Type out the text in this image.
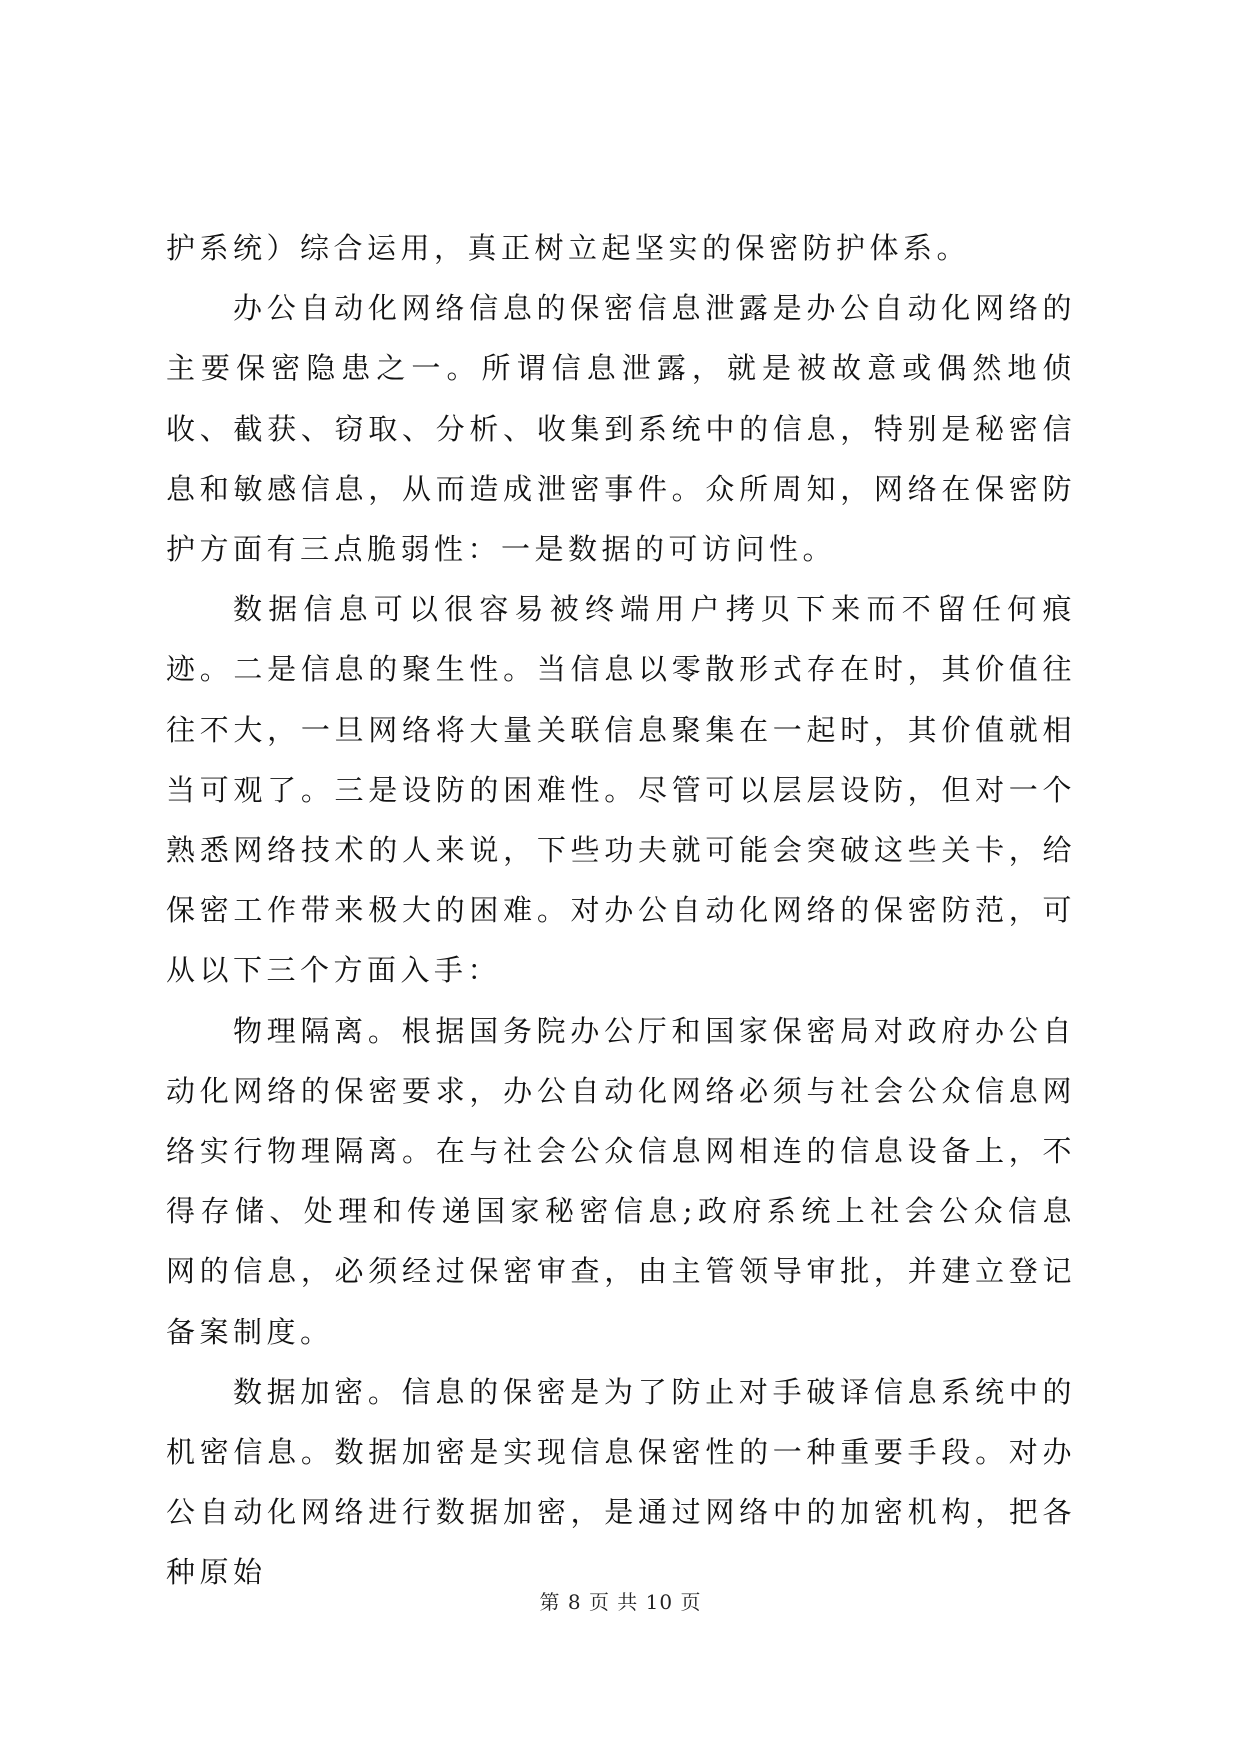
护系统）综合运用，真正树立起坚实的保密防护体系。

办公自动化网络信息的保密信息泄露是办公自动化网络的主要保密隐患之一。所谓信息泄露，就是被故意或偶然地侦收、截获、窃取、分析、收集到系统中的信息，特别是秘密信息和敏感信息，从而造成泄密事件。众所周知，网络在保密防护方面有三点脆弱性：一是数据的可访问性。

数据信息可以很容易被终端用户拷贝下来而不留任何痕迹。二是信息的聚生性。当信息以零散形式存在时，其价值往往不大，一旦网络将大量关联信息聚集在一起时，其价值就相当可观了。三是设防的困难性。尽管可以层层设防，但对一个熟悉网络技术的人来说，下些功夫就可能会突破这些关卡，给保密工作带来极大的困难。对办公自动化网络的保密防范，可从以下三个方面入手：

物理隔离。根据国务院办公厅和国家保密局对政府办公自动化网络的保密要求，办公自动化网络必须与社会公众信息网络实行物理隔离。在与社会公众信息网相连的信息设备上，不得存储、处理和传递国家秘密信息;政府系统上社会公众信息网的信息，必须经过保密审查，由主管领导审批，并建立登记备案制度。

数据加密。信息的保密是为了防止对手破译信息系统中的机密信息。数据加密是实现信息保密性的一种重要手段。对办公自动化网络进行数据加密，是通过网络中的加密机构，把各种原始

第 8 页 共 10 页
